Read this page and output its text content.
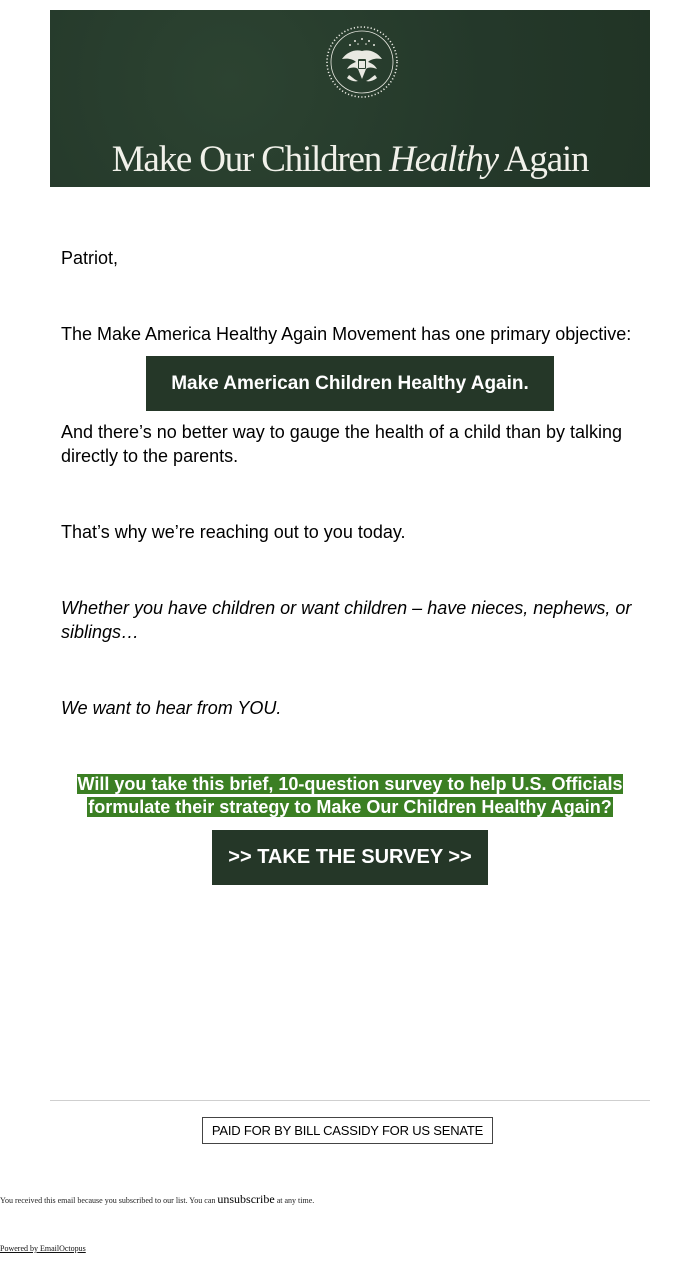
Make Our Children Healthy Again

Patriot,

The Make America Healthy Again Movement has one primary objective:

Make American Children Healthy Again.

And there’s no better way to gauge the health of a child than by talking directly to the parents.

That’s why we’re reaching out to you today.

Whether you have children or want children – have nieces, nephews, or siblings…

We want to hear from YOU.

Will you take this brief, 10-question survey to help U.S. Officials
formulate their strategy to Make Our Children Healthy Again?
>> TAKE THE SURVEY >>
PAID FOR BY BILL CASSIDY FOR US SENATE
You received this email because you subscribed to our list. You can unsubscribe at any time.
Powered by EmailOctopus
